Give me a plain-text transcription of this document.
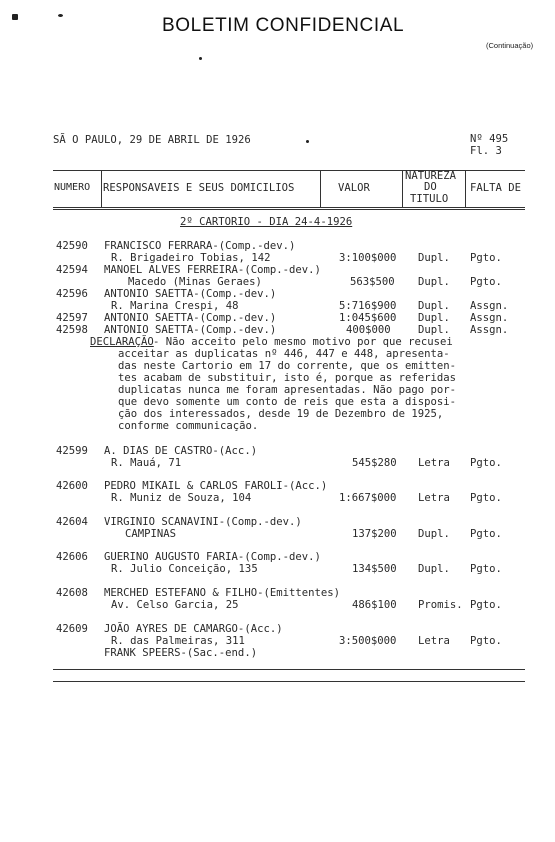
BOLETIM CONFIDENCIAL
(Continuação)
SÃ O PAULO, 29 DE ABRIL DE 1926	Nº 495
Fl. 3
NUMERO RESPONSAVEIS E SEUS DOMICILIOS	VALOR
NATUREZA
DO
TITULO
FALTA DE
2º CARTORIO - DIA 24-4-1926
42590 FRANCISCO FERRARA-(Comp.-dev.)
R. Brigadeiro Tobias, 142	3:100$000 Dupl. Pgto.
42594 MANOEL ALVES FERREIRA-(Comp.-dev.)
Macedo (Minas Geraes)	563$500 Dupl. Pgto.
42596 ANTONIO SAETTA-(Comp.-dev.)
R. Marina Crespi, 48	5:716$900 Dupl. Assgn.
42597 ANTONIO SAETTA-(Comp.-dev.)	1:045$600 Dupl. Assgn.
42598 ANTONIO SAETTA-(Comp.-dev.)	400$000	Dupl. Assgn.
DECLARAÇÃO - Não acceito pelo mesmo motivo por que recusei
acceitar as duplicatas nº 446, 447 e 448, apresenta-
das neste Cartorio em 17 do corrente, que os emitten-
tes acabam de substituir, isto é, porque as referidas
duplicatas nunca me foram apresentadas. Não pago por-
que devo somente um conto de reis que esta a disposi-
ção dos interessados, desde 19 de Dezembro de 1925,
conforme communicação.
42599 A. DIAS DE CASTRO-(Acc.)
R. Mauá, 71	545$280 Letra Pgto.
42600 PEDRO MIKAIL & CARLOS FAROLI-(Acc.)
R. Muniz de Souza, 104	1:667$000 Letra Pgto.
42604 VIRGINIO SCANAVINI-(Comp.-dev.)
CAMPINAS	137$200 Dupl. Pgto.
42606 GUERINO AUGUSTO FARIA-(Comp.-dev.)
R. Julio Conceição, 135	134$500 Dupl. Pgto.
42608 MERCHED ESTEFANO & FILHO-(Emittentes)
Av. Celso Garcia, 25	486$100 Promis. Pgto.
42609 JOÃO AYRES DE CAMARGO-(Acc.)
R. das Palmeiras, 311
FRANK SPEERS-(Sac.-end.)
3:500$000 Letra Pgto.
